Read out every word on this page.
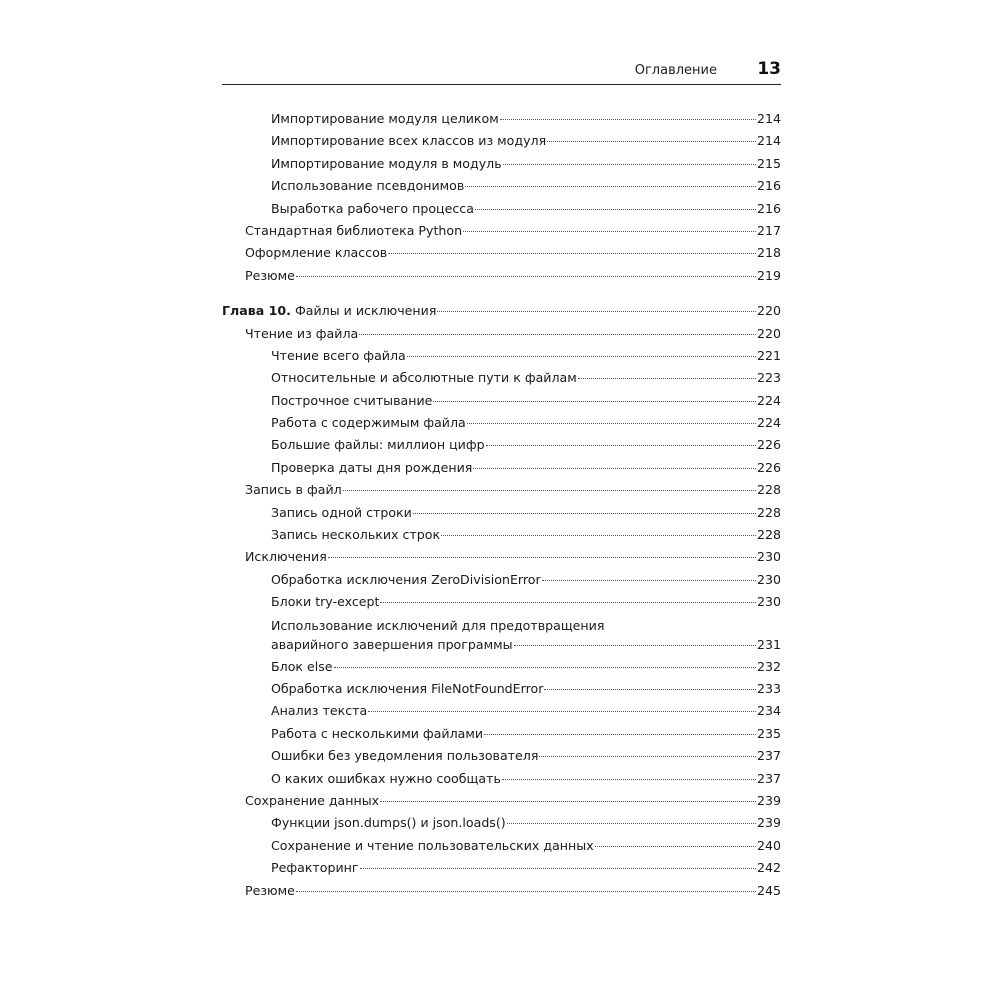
Оглавление 13
Импортирование модуля целиком	214
Импортирование всех классов из модуля	214
Импортирование модуля в модуль	215
Использование псевдонимов	216
Выработка рабочего процесса	216
Стандартная библиотека Python	217
Оформление классов	218
Резюме	219
Глава 10. Файлы и исключения	220
Чтение из файла	220
Чтение всего файла	221
Относительные и абсолютные пути к файлам	223
Построчное считывание	224
Работа с содержимым файла	224
Большие файлы: миллион цифр	226
Проверка даты дня рождения	226
Запись в файл	228
Запись одной строки	228
Запись нескольких строк	228
Исключения	230
Обработка исключения ZeroDivisionError	230
Блоки try-except	230
Использование исключений для предотвращения
аварийного завершения программы	231
Блок else	232
Обработка исключения FileNotFoundError	233
Анализ текста	234
Работа с несколькими файлами	235
Ошибки без уведомления пользователя	237
О каких ошибках нужно сообщать	237
Сохранение данных	239
Функции json.dumps() и json.loads()	239
Сохранение и чтение пользовательских данных	240
Рефакторинг	242
Резюме	245
